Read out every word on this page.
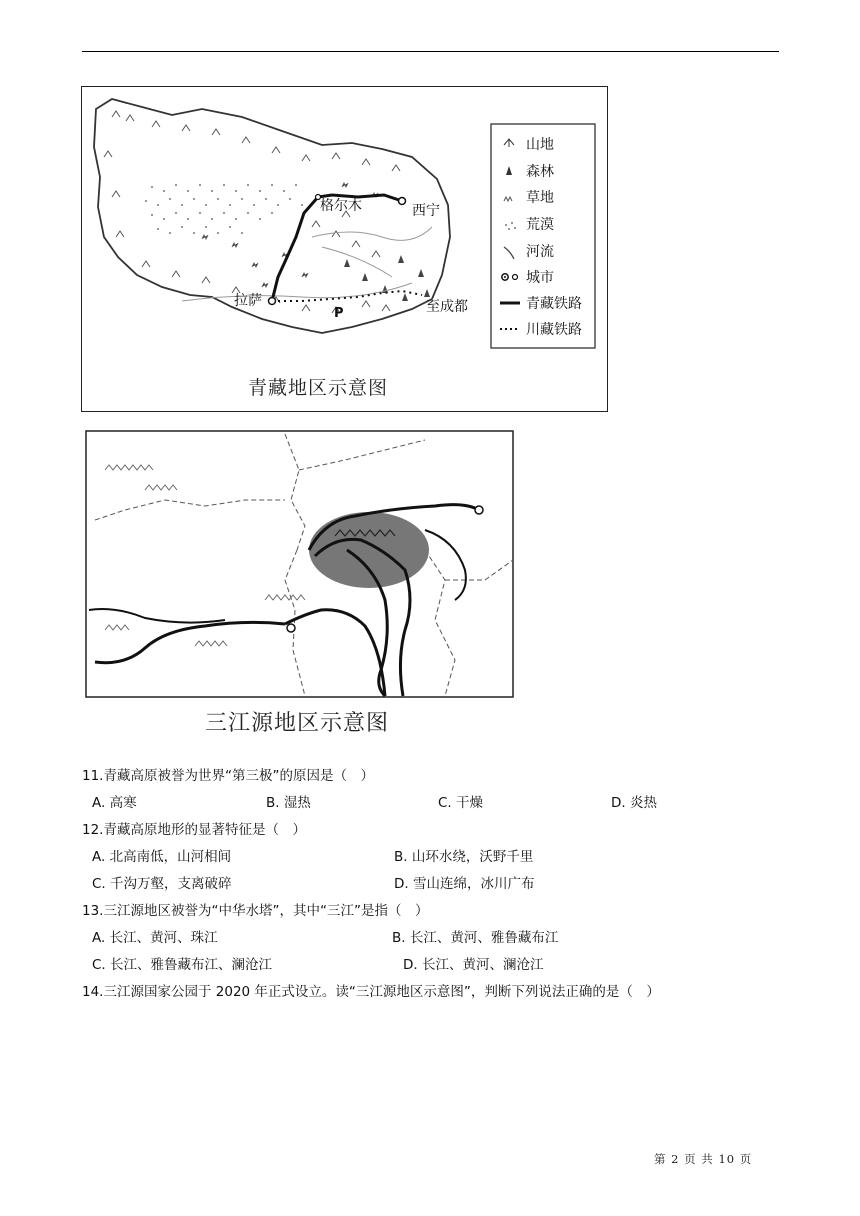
格尔木	西宁
拉萨	至成都
P
山地
森林
草地
荒漠
河流
城市
青藏铁路
川藏铁路
青藏地区示意图
三江源地区示意图
11.青藏高原被誉为世界“第三极”的原因是（　）
A. 高寒	B. 湿热	C. 干燥	D. 炎热
12.青藏高原地形的显著特征是（　）
A. 北高南低，山河相间	B. 山环水绕，沃野千里
C. 千沟万壑，支离破碎	D. 雪山连绵，冰川广布
13.三江源地区被誉为“中华水塔”，其中“三江”是指（　）
A. 长江、黄河、珠江	B. 长江、黄河、雅鲁藏布江
C. 长江、雅鲁藏布江、澜沧江	D. 长江、黄河、澜沧江
14.三江源国家公园于 2020 年正式设立。读“三江源地区示意图”，判断下列说法正确的是（　）
第 2 页 共 10 页
